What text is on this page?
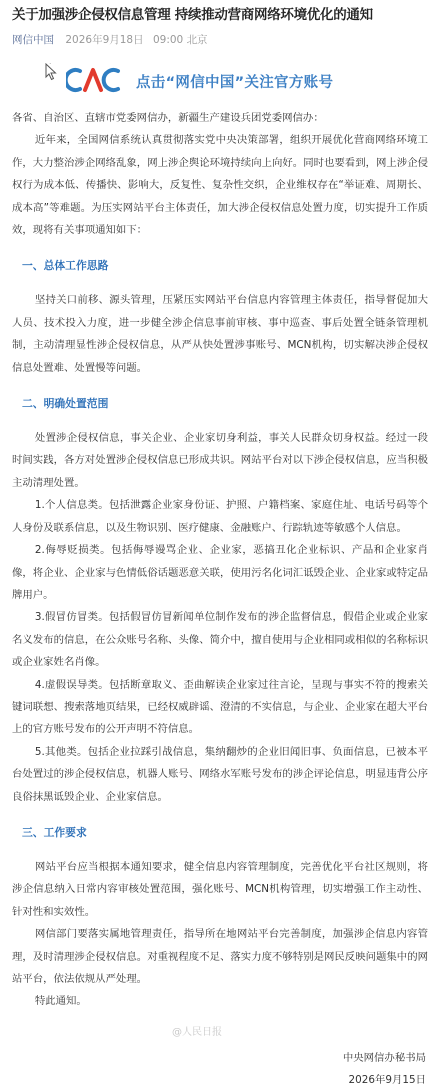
关于加强涉企侵权信息管理 持续推动营商网络环境优化的通知
网信中国 2026年9月18日 09:00 北京
CAC
点击“网信中国”关注官方账号

各省、自治区、直辖市党委网信办，新疆生产建设兵团党委网信办：

近年来，全国网信系统认真贯彻落实党中央决策部署，组织开展优化营商网络环境工作，大力整治涉企网络乱象，网上涉企舆论环境持续向上向好。同时也要看到，网上涉企侵权行为成本低、传播快、影响大，反复性、复杂性交织，企业维权存在“举证难、周期长、成本高”等难题。为压实网站平台主体责任，加大涉企侵权信息处置力度，切实提升工作质效，现将有关事项通知如下：

一、总体工作思路

坚持关口前移、源头管理，压紧压实网站平台信息内容管理主体责任，指导督促加大人员、技术投入力度，进一步健全涉企信息事前审核、事中巡查、事后处置全链条管理机制，主动清理显性涉企侵权信息，从严从快处置涉事账号、MCN机构，切实解决涉企侵权信息处置难、处置慢等问题。

二、明确处置范围

处置涉企侵权信息，事关企业、企业家切身利益，事关人民群众切身权益。经过一段时间实践，各方对处置涉企侵权信息已形成共识。网站平台对以下涉企侵权信息，应当积极主动清理处置。

1.个人信息类。包括泄露企业家身份证、护照、户籍档案、家庭住址、电话号码等个人身份及联系信息，以及生物识别、医疗健康、金融账户、行踪轨迹等敏感个人信息。

2.侮辱贬损类。包括侮辱谩骂企业、企业家，恶搞丑化企业标识、产品和企业家肖像，将企业、企业家与色情低俗话题恶意关联，使用污名化词汇诋毁企业、企业家或特定品牌用户。

3.假冒仿冒类。包括假冒仿冒新闻单位制作发布的涉企监督信息，假借企业或企业家名义发布的信息，在公众账号名称、头像、简介中，擅自使用与企业相同或相似的名称标识或企业家姓名肖像。

4.虚假误导类。包括断章取义、歪曲解读企业家过往言论，呈现与事实不符的搜索关键词联想、搜索落地页结果，已经权威辟谣、澄清的不实信息，与企业、企业家在超大平台上的官方账号发布的公开声明不符信息。

5.其他类。包括企业拉踩引战信息，集纳翻炒的企业旧闻旧事、负面信息，已被本平台处置过的涉企侵权信息，机器人账号、网络水军账号发布的涉企评论信息，明显违背公序良俗抹黑诋毁企业、企业家信息。

三、工作要求

网站平台应当根据本通知要求，健全信息内容管理制度，完善优化平台社区规则，将涉企信息纳入日常内容审核处置范围，强化账号、MCN机构管理，切实增强工作主动性、针对性和实效性。

网信部门要落实属地管理责任，指导所在地网站平台完善制度，加强涉企信息内容管理，及时清理涉企侵权信息。对重视程度不足、落实力度不够特别是网民反映问题集中的网站平台，依法依规从严处理。

特此通知。

中央网信办秘书局

2026年9月15日

@人民日报
